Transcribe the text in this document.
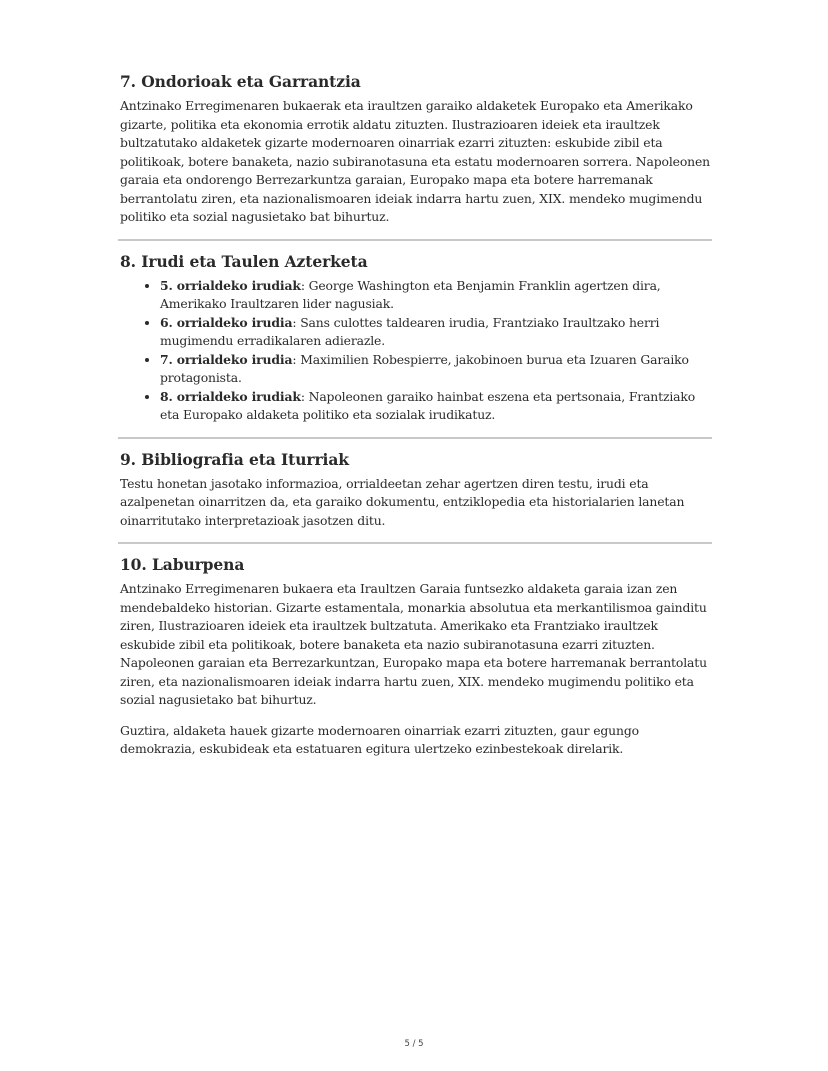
7. Ondorioak eta Garrantzia

Antzinako Erregimenaren bukaerak eta iraultzen garaiko aldaketek Europako eta Amerikako gizarte, politika eta ekonomia errotik aldatu zituzten. Ilustrazioaren ideiek eta iraultzek bultzatutako aldaketek gizarte modernoaren oinarriak ezarri zituzten: eskubide zibil eta politikoak, botere banaketa, nazio subiranotasuna eta estatu modernoaren sorrera. Napoleonen garaia eta ondorengo Berrezarkuntza garaian, Europako mapa eta botere harremanak berrantolatu ziren, eta nazionalismoaren ideiak indarra hartu zuen, XIX. mendeko mugimendu politiko eta sozial nagusietako bat bihurtuz.

8. Irudi eta Taulen Azterketa
• 5. orrialdeko irudiak: George Washington eta Benjamin Franklin agertzen dira, Amerikako Iraultzaren lider nagusiak.
• 6. orrialdeko irudia: Sans culottes taldearen irudia, Frantziako Iraultzako herri mugimendu erradikalaren adierazle.
• 7. orrialdeko irudia: Maximilien Robespierre, jakobinoen burua eta Izuaren Garaiko protagonista.
• 8. orrialdeko irudiak: Napoleonen garaiko hainbat eszena eta pertsonaia, Frantziako eta Europako aldaketa politiko eta sozialak irudikatuz.
9. Bibliografia eta Iturriak

Testu honetan jasotako informazioa, orrialdeetan zehar agertzen diren testu, irudi eta azalpenetan oinarritzen da, eta garaiko dokumentu, entziklopedia eta historialarien lanetan oinarritutako interpretazioak jasotzen ditu.

10. Laburpena

Antzinako Erregimenaren bukaera eta Iraultzen Garaia funtsezko aldaketa garaia izan zen mendebaldeko historian. Gizarte estamentala, monarkia absolutua eta merkantilismoa gainditu ziren, Ilustrazioaren ideiek eta iraultzek bultzatuta. Amerikako eta Frantziako iraultzek eskubide zibil eta politikoak, botere banaketa eta nazio subiranotasuna ezarri zituzten. Napoleonen garaian eta Berrezarkuntzan, Europako mapa eta botere harremanak berrantolatu ziren, eta nazionalismoaren ideiak indarra hartu zuen, XIX. mendeko mugimendu politiko eta sozial nagusietako bat bihurtuz.

Guztira, aldaketa hauek gizarte modernoaren oinarriak ezarri zituzten, gaur egungo demokrazia, eskubideak eta estatuaren egitura ulertzeko ezinbestekoak direlarik.

5 / 5
